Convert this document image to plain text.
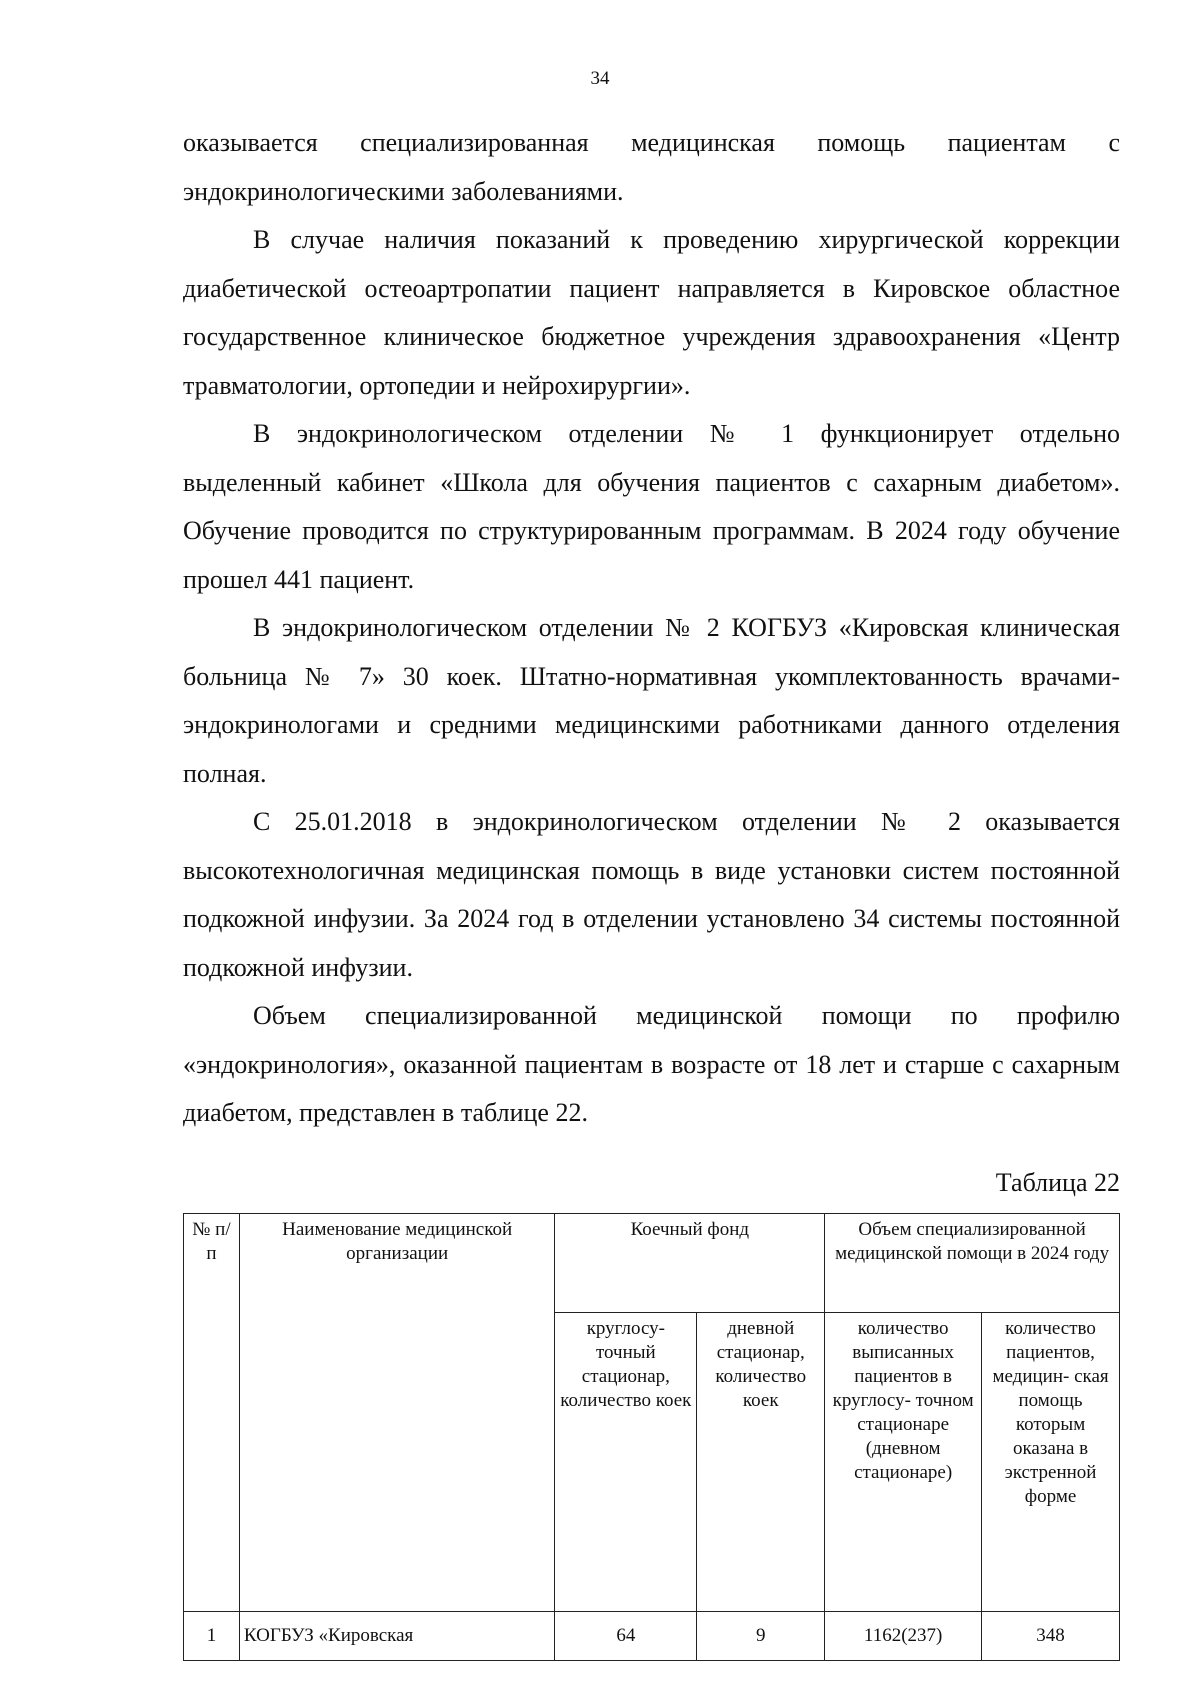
34

оказывается специализированная медицинская помощь пациентам с эндокринологическими заболеваниями.

В случае наличия показаний к проведению хирургической коррекции диабетической остеоартропатии пациент направляется в Кировское областное государственное клиническое бюджетное учреждения здравоохранения «Центр травматологии, ортопедии и нейрохирургии».

В эндокринологическом отделении № 1 функционирует отдельно выделенный кабинет «Школа для обучения пациентов с сахарным диабетом». Обучение проводится по структурированным программам. В 2024 году обучение прошел 441 пациент.

В эндокринологическом отделении № 2 КОГБУЗ «Кировская клиническая больница № 7» 30 коек. Штатно-нормативная укомплектованность врачами-эндокринологами и средними медицинскими работниками данного отделения полная.

С 25.01.2018 в эндокринологическом отделении № 2 оказывается высокотехнологичная медицинская помощь в виде установки систем постоянной подкожной инфузии. За 2024 год в отделении установлено 34 системы постоянной подкожной инфузии.

Объем специализированной медицинской помощи по профилю «эндокринология», оказанной пациентам в возрасте от 18 лет и старше с сахарным диабетом, представлен в таблице 22.

Таблица 22
№ п/п	Наименование медицинской организации	Коечный фонд		Объем специализированной медицинской помощи в 2024 году	
		круглосу- точный стационар, количество коек	дневной стационар, количество коек	количество выписанных пациентов в круглосу- точном стационаре (дневном стационаре)	количество пациентов, медицин- ская помощь которым оказана в экстренной форме
1	КОГБУЗ «Кировская	64	9	1162(237)	348
